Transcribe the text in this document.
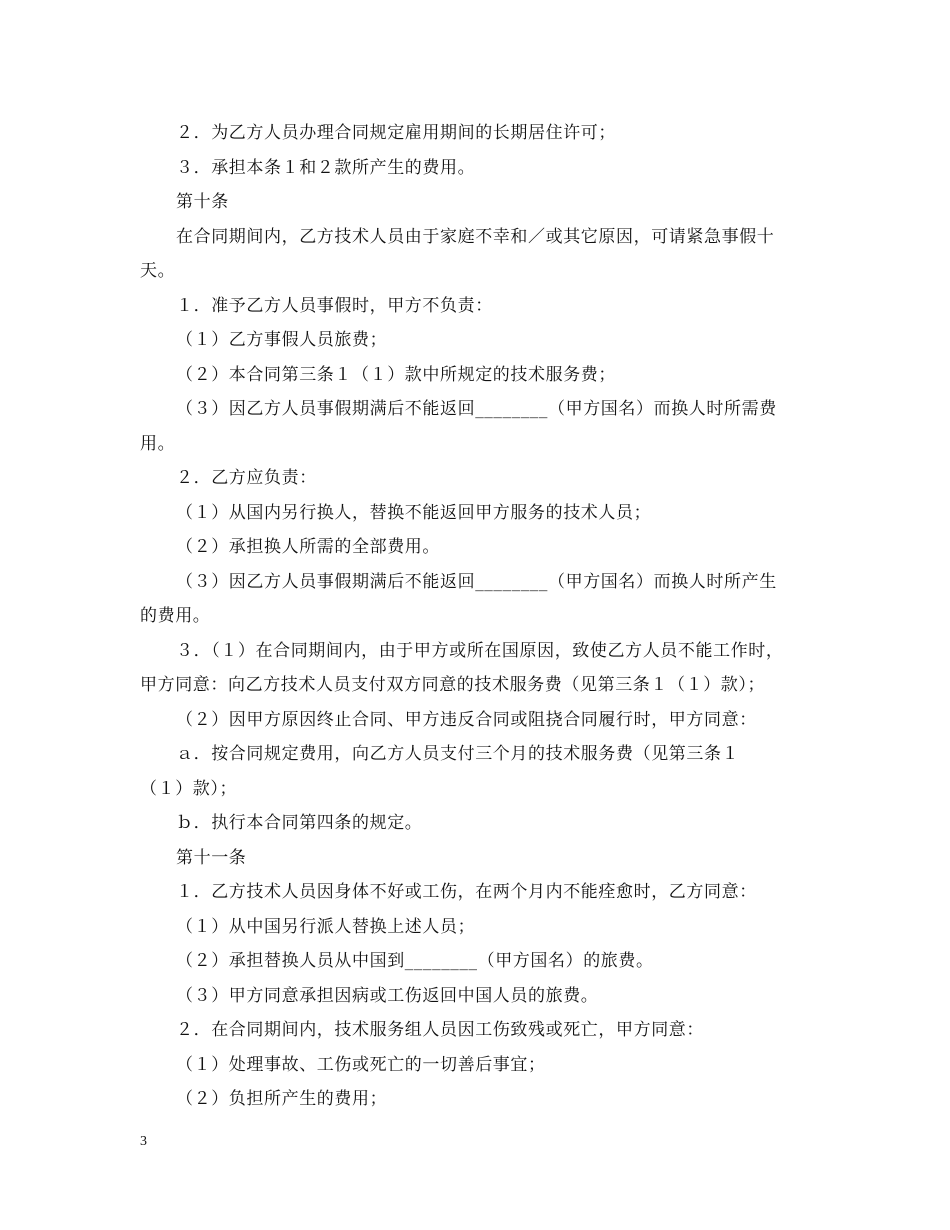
２．为乙方人员办理合同规定雇用期间的长期居住许可；
３．承担本条１和２款所产生的费用。
第十条
在合同期间内，乙方技术人员由于家庭不幸和／或其它原因，可请紧急事假十
天。
１．准予乙方人员事假时，甲方不负责：
（１）乙方事假人员旅费；
（２）本合同第三条１（１）款中所规定的技术服务费；
（３）因乙方人员事假期满后不能返回________（甲方国名）而换人时所需费
用。
２．乙方应负责：
（１）从国内另行换人，替换不能返回甲方服务的技术人员；
（２）承担换人所需的全部费用。
（３）因乙方人员事假期满后不能返回________（甲方国名）而换人时所产生
的费用。
３．（１）在合同期间内，由于甲方或所在国原因，致使乙方人员不能工作时，
甲方同意：向乙方技术人员支付双方同意的技术服务费（见第三条１（１）款）；
（２）因甲方原因终止合同、甲方违反合同或阻挠合同履行时，甲方同意：
ａ．按合同规定费用，向乙方人员支付三个月的技术服务费（见第三条１
（１）款）；
ｂ．执行本合同第四条的规定。
第十一条
１．乙方技术人员因身体不好或工伤，在两个月内不能痊愈时，乙方同意：
（１）从中国另行派人替换上述人员；
（２）承担替换人员从中国到________（甲方国名）的旅费。
（３）甲方同意承担因病或工伤返回中国人员的旅费。
２．在合同期间内，技术服务组人员因工伤致残或死亡，甲方同意：
（１）处理事故、工伤或死亡的一切善后事宜；
（２）负担所产生的费用；
3
